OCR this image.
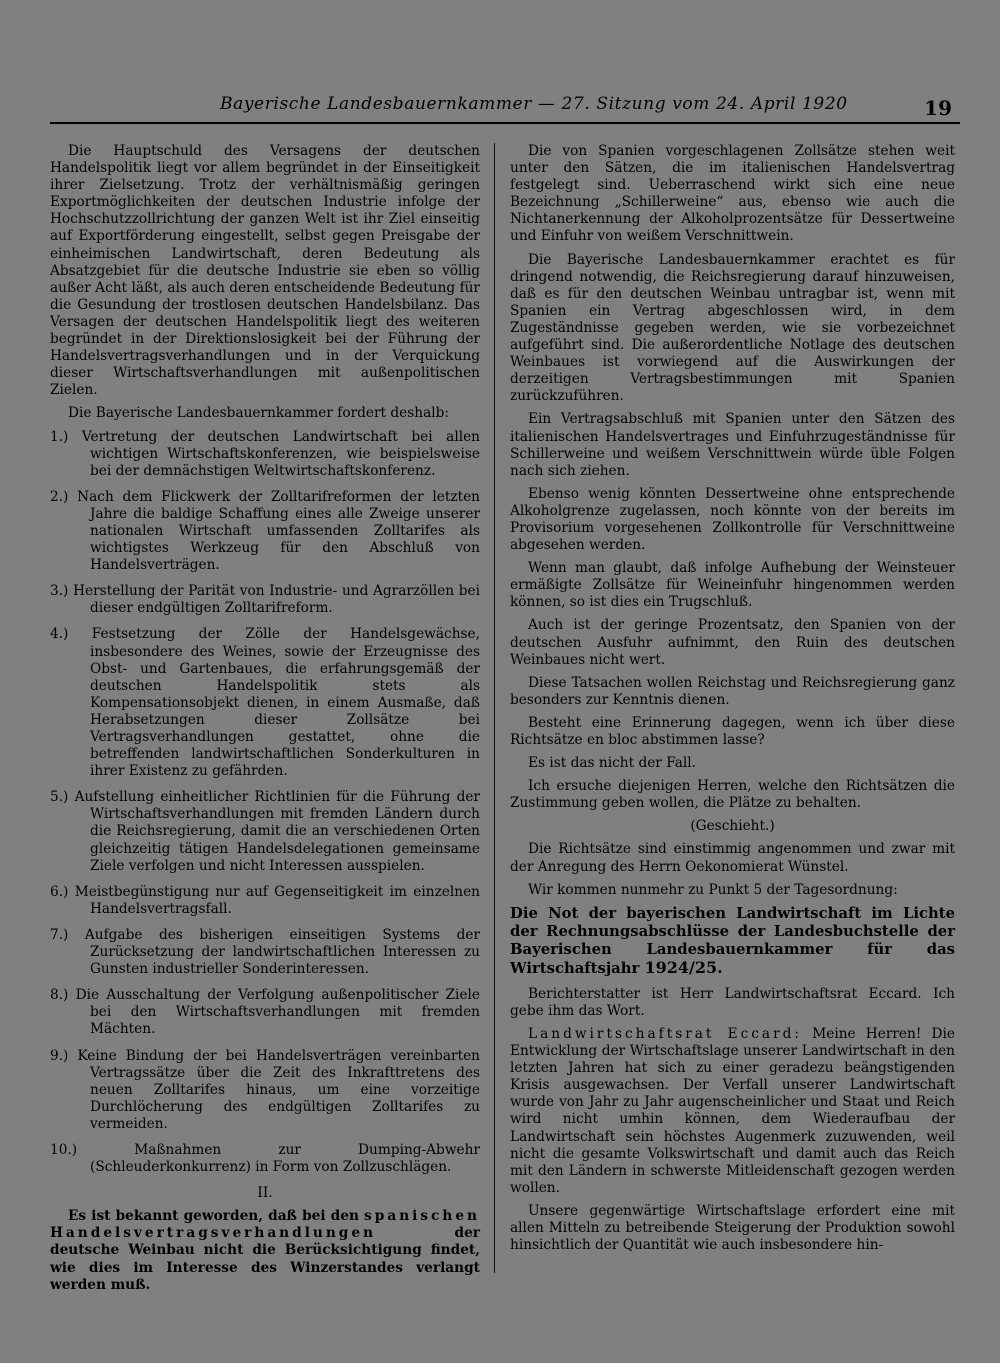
Bayerische Landesbauernkammer — 27. Sitzung vom 24. April 1920	19

Die Hauptschuld des Versagens der deutschen Handelspolitik liegt vor allem begründet in der Einseitigkeit ihrer Zielsetzung. Trotz der verhältnismäßig geringen Exportmöglichkeiten der deutschen Industrie infolge der Hochschutzzollrichtung der ganzen Welt ist ihr Ziel einseitig auf Exportförderung eingestellt, selbst gegen Preisgabe der einheimischen Landwirtschaft, deren Bedeutung als Absatzgebiet für die deutsche Industrie sie eben so völlig außer Acht läßt, als auch deren entscheidende Bedeutung für die Gesundung der trostlosen deutschen Handelsbilanz. Das Versagen der deutschen Handelspolitik liegt des weiteren begründet in der Direktionslosigkeit bei der Führung der Handelsvertragsverhandlungen und in der Verquickung dieser Wirtschaftsverhandlungen mit außenpolitischen Zielen.

Die Bayerische Landesbauernkammer fordert deshalb:

1.) Vertretung der deutschen Landwirtschaft bei allen wichtigen Wirtschaftskonferenzen, wie beispielsweise bei der demnächstigen Weltwirtschaftskonferenz.

2.) Nach dem Flickwerk der Zolltarifreformen der letzten Jahre die baldige Schaffung eines alle Zweige unserer nationalen Wirtschaft umfassenden Zolltarifes als wichtigstes Werkzeug für den Abschluß von Handelsverträgen.

3.) Herstellung der Parität von Industrie- und Agrarzöllen bei dieser endgültigen Zolltarifreform.

4.) Festsetzung der Zölle der Handelsgewächse, insbesondere des Weines, sowie der Erzeugnisse des Obst- und Gartenbaues, die erfahrungsgemäß der deutschen Handelspolitik stets als Kompensationsobjekt dienen, in einem Ausmaße, daß Herabsetzungen dieser Zollsätze bei Vertragsverhandlungen gestattet, ohne die betreffenden landwirtschaftlichen Sonderkulturen in ihrer Existenz zu gefährden.

5.) Aufstellung einheitlicher Richtlinien für die Führung der Wirtschaftsverhandlungen mit fremden Ländern durch die Reichsregierung, damit die an verschiedenen Orten gleichzeitig tätigen Handelsdelegationen gemeinsame Ziele verfolgen und nicht Interessen ausspielen.

6.) Meistbegünstigung nur auf Gegenseitigkeit im einzelnen Handelsvertragsfall.

7.) Aufgabe des bisherigen einseitigen Systems der Zurücksetzung der landwirtschaftlichen Interessen zu Gunsten industrieller Sonderinteressen.

8.) Die Ausschaltung der Verfolgung außenpolitischer Ziele bei den Wirtschaftsverhandlungen mit fremden Mächten.

9.) Keine Bindung der bei Handelsverträgen vereinbarten Vertragssätze über die Zeit des Inkrafttretens des neuen Zolltarifes hinaus, um eine vorzeitige Durchlöcherung des endgültigen Zolltarifes zu vermeiden.

10.) Maßnahmen zur Dumping-Abwehr (Schleuderkonkurrenz) in Form von Zollzuschlägen.

II.

Es ist bekannt geworden, daß bei den spanischen Handelsvertragsverhandlungen	der deutsche Weinbau nicht die Berücksichtigung findet, wie dies im Interesse des Winzerstandes verlangt werden muß.

Die von Spanien vorgeschlagenen Zollsätze stehen weit unter den Sätzen, die im italienischen Handelsvertrag festgelegt sind. Ueberraschend wirkt sich eine neue Bezeichnung „Schillerweine“ aus, ebenso wie auch die Nichtanerkennung der Alkoholprozentsätze für Dessertweine und Einfuhr von weißem Verschnittwein.

Die Bayerische Landesbauernkammer erachtet es für dringend notwendig, die Reichsregierung darauf hinzuweisen, daß es für den deutschen Weinbau untragbar ist, wenn mit Spanien ein Vertrag abgeschlossen wird, in dem Zugeständnisse gegeben werden, wie sie vorbezeichnet aufgeführt sind. Die außerordentliche Notlage des deutschen Weinbaues ist vorwiegend auf die Auswirkungen der derzeitigen Vertragsbestimmungen mit Spanien zurückzuführen.

Ein Vertragsabschluß mit Spanien unter den Sätzen des italienischen Handelsvertrages und Einfuhrzugeständnisse für Schillerweine und weißem Verschnittwein würde üble Folgen nach sich ziehen.

Ebenso wenig könnten Dessertweine ohne entsprechende Alkoholgrenze zugelassen, noch könnte von der bereits im Provisorium vorgesehenen Zollkontrolle für Verschnittweine abgesehen werden.

Wenn man glaubt, daß infolge Aufhebung der Weinsteuer ermäßigte Zollsätze für Weineinfuhr hingenommen werden können, so ist dies ein Trugschluß.

Auch ist der geringe Prozentsatz, den Spanien von der deutschen Ausfuhr aufnimmt, den Ruin des deutschen Weinbaues nicht wert.

Diese Tatsachen wollen Reichstag und Reichsregierung ganz besonders zur Kenntnis dienen.

Besteht eine Erinnerung dagegen, wenn ich über diese Richtsätze en bloc abstimmen lasse?

Es ist das nicht der Fall.

Ich ersuche diejenigen Herren, welche den Richtsätzen die Zustimmung geben wollen, die Plätze zu behalten.

(Geschieht.)

Die Richtsätze sind einstimmig angenommen und zwar mit der Anregung des Herrn Oekonomierat Wünstel.

Wir kommen nunmehr zu Punkt 5 der Tagesordnung:

Die Not der bayerischen Landwirtschaft im Lichte der Rechnungsabschlüsse der Landesbuchstelle der Bayerischen Landesbauernkammer für das Wirtschaftsjahr 1924/25.

Berichterstatter ist Herr Landwirtschaftsrat Eccard. Ich gebe ihm das Wort.

Landwirtschaftsrat Eccard: Meine Herren! Die Entwicklung der Wirtschaftslage unserer Landwirtschaft in den letzten Jahren hat sich zu einer geradezu beängstigenden Krisis ausgewachsen. Der Verfall unserer Landwirtschaft wurde von Jahr zu Jahr augenscheinlicher und Staat und Reich wird nicht umhin können, dem Wiederaufbau der Landwirtschaft sein höchstes Augenmerk zuzuwenden, weil nicht die gesamte Volkswirtschaft und damit auch das Reich mit den Ländern in schwerste Mitleidenschaft gezogen werden wollen.

Unsere gegenwärtige Wirtschaftslage erfordert eine mit allen Mitteln zu betreibende Steigerung der Produktion sowohl hinsichtlich der Quantität wie auch insbesondere hin-
